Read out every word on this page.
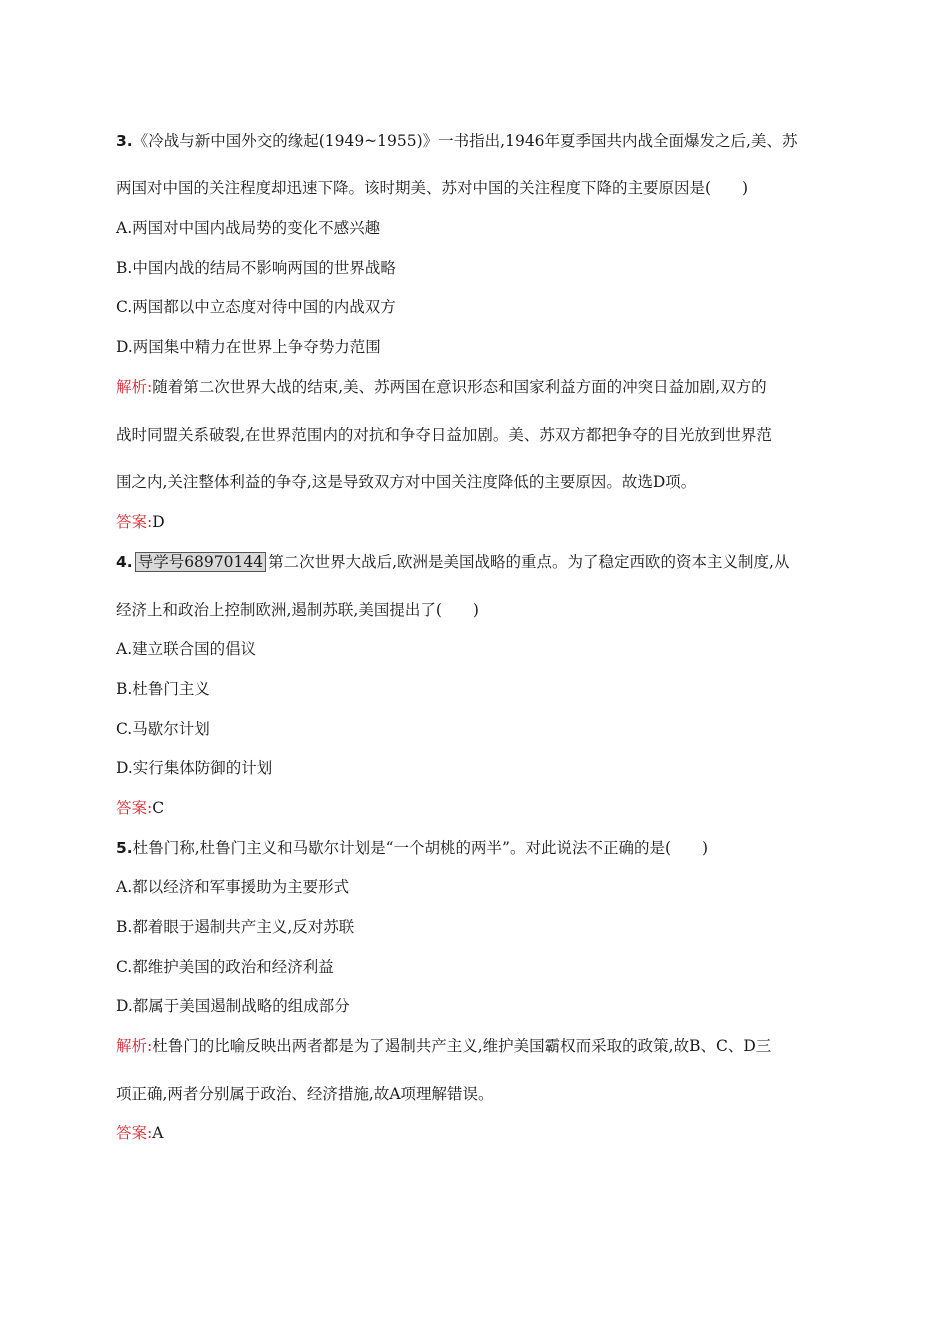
3.《冷战与新中国外交的缘起(1949~1955)》一书指出,1946年夏季国共内战全面爆发之后,美、苏
两国对中国的关注程度却迅速下降。该时期美、苏对中国的关注程度下降的主要原因是(　　)
A.两国对中国内战局势的变化不感兴趣
B.中国内战的结局不影响两国的世界战略
C.两国都以中立态度对待中国的内战双方
D.两国集中精力在世界上争夺势力范围
解析:随着第二次世界大战的结束,美、苏两国在意识形态和国家利益方面的冲突日益加剧,双方的
战时同盟关系破裂,在世界范围内的对抗和争夺日益加剧。美、苏双方都把争夺的目光放到世界范
围之内,关注整体利益的争夺,这是导致双方对中国关注度降低的主要原因。故选D项。
答案:D
4. 导学号68970144 第二次世界大战后,欧洲是美国战略的重点。为了稳定西欧的资本主义制度,从
经济上和政治上控制欧洲,遏制苏联,美国提出了(　　)
A.建立联合国的倡议
B.杜鲁门主义
C.马歇尔计划
D.实行集体防御的计划
答案:C
5.杜鲁门称,杜鲁门主义和马歇尔计划是“一个胡桃的两半”。对此说法不正确的是(　　)
A.都以经济和军事援助为主要形式
B.都着眼于遏制共产主义,反对苏联
C.都维护美国的政治和经济利益
D.都属于美国遏制战略的组成部分
解析:杜鲁门的比喻反映出两者都是为了遏制共产主义,维护美国霸权而采取的政策,故B、C、D三
项正确,两者分别属于政治、经济措施,故A项理解错误。
答案:A
